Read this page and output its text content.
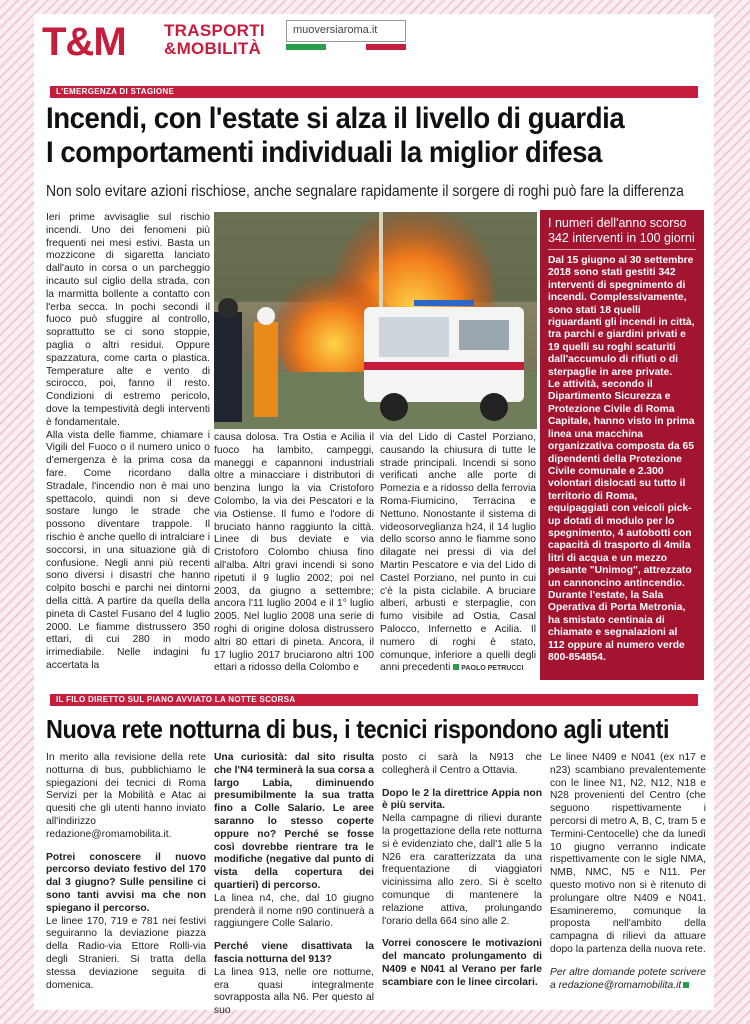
T&M TRASPORTI
&MOBILITÀ
muoversiaroma.it
L'EMERGENZA DI STAGIONE
Incendi, con l'estate si alza il livello di guardia
I comportamenti individuali la miglior difesa
Non solo evitare azioni rischiose, anche segnalare rapidamente il sorgere di roghi può fare la differenza

Ieri prime avvisaglie sul rischio incendi. Uno dei fenomeni più frequenti nei mesi estivi. Basta un mozzicone di sigaretta lanciato dall'auto in corsa o un parcheggio incauto sul ciglio della strada, con la marmitta bollente a contatto con l'erba secca. In pochi secondi il fuoco può sfuggire al controllo, soprattutto se ci sono stoppie, paglia o altri residui. Oppure spazzatura, come carta o plastica. Temperature alte e vento di scirocco, poi, fanno il resto. Condizioni di estremo pericolo, dove la tempestività degli interventi è fondamentale.

Alla vista delle fiamme, chiamare i Vigili del Fuoco o il numero unico o d'emergenza è la prima cosa da fare. Come ricordano dalla Stradale, l'incendio non è mai uno spettacolo, quindi non si deve sostare lungo le strade che possono diventare trappole. Il rischio è anche quello di intralciare i soccorsi, in una situazione già di confusione. Negli anni più recenti sono diversi i disastri che hanno colpito boschi e parchi nei dintorni della città. A partire da quella della pineta di Castel Fusano del 4 luglio 2000. Le fiamme distrussero 350 ettari, di cui 280 in modo irrimediabile. Nelle indagini fu accertata la

causa dolosa. Tra Ostia e Acilia il fuoco ha lambito, campeggi, maneggi e capannoni industriali oltre a minacciare i distributori di benzina lungo la via Cristoforo Colombo, la via dei Pescatori e la via Ostiense. Il fumo e l'odore di bruciato hanno raggiunto la città. Linee di bus deviate e via Cristoforo Colombo chiusa fino all'alba. Altri gravi incendi si sono ripetuti il 9 luglio 2002; poi nel 2003, da giugno a settembre; ancora l'11 luglio 2004 e il 1° luglio 2005. Nel luglio 2008 una serie di roghi di origine dolosa distrussero altri 80 ettari di pineta. Ancora, il 17 luglio 2017 bruciarono altri 100 ettari a ridosso della Colombo e

via del Lido di Castel Porziano, causando la chiusura di tutte le strade principali. Incendi si sono verificati anche alle porte di Pomezia e a ridosso della ferrovia Roma-Fiumicino, Terracina e Nettuno. Nonostante il sistema di videosorveglianza h24, il 14 luglio dello scorso anno le fiamme sono dilagate nei pressi di via del Martin Pescatore e via del Lido di Castel Porziano, nel punto in cui c'è la pista ciclabile. A bruciare alberi, arbusti e sterpaglie, con fumo visibile ad Ostia, Casal Palocco, Infernetto e Acilia. Il numero di roghi è stato, comunque, inferiore a quelli degli anni precedenti PAOLO PETRUCCI

I numeri dell'anno scorso
342 interventi in 100 giorni

Dal 15 giugno al 30 settembre 2018 sono stati gestiti 342 interventi di spegnimento di incendi. Complessivamente, sono stati 18 quelli riguardanti gli incendi in città, tra parchi e giardini privati e 19 quelli su roghi scaturiti dall'accumulo di rifiuti o di sterpaglie in aree private.

Le attività, secondo il Dipartimento Sicurezza e Protezione Civile di Roma Capitale, hanno visto in prima linea una macchina organizzativa composta da 65 dipendenti della Protezione Civile comunale e 2.300 volontari dislocati su tutto il territorio di Roma, equipaggiati con veicoli pick-up dotati di modulo per lo spegnimento, 4 autobotti con capacità di trasporto di 4mila litri di acqua e un mezzo pesante "Unimog", attrezzato un cannoncino antincendio. Durante l'estate, la Sala Operativa di Porta Metronia, ha smistato centinaia di chiamate e segnalazioni al 112 oppure al numero verde 800-854854.

IL FILO DIRETTO SUL PIANO AVVIATO LA NOTTE SCORSA
Nuova rete notturna di bus, i tecnici rispondono agli utenti

In merito alla revisione della rete notturna di bus, pubblichiamo le spiegazioni dei tecnici di Roma Servizi per la Mobilità e Atac ai quesiti che gli utenti hanno inviato all'indirizzo redazione@romamobilita.it.

Potrei conoscere il nuovo percorso deviato festivo del 170 dal 3 giugno? Sulle pensiline ci sono tanti avvisi ma che non spiegano il percorso.

Le linee 170, 719 e 781 nei festivi seguiranno la deviazione piazza della Radio-via Ettore Rolli-via degli Stranieri. Si tratta della stessa deviazione seguita di domenica.

Una curiosità: dal sito risulta che l'N4 terminerà la sua corsa a largo Labia, diminuendo presumibilmente la sua tratta fino a Colle Salario. Le aree saranno lo stesso coperte oppure no? Perché se fosse così dovrebbe rientrare tra le modifiche (negative dal punto di vista della copertura dei quartieri) di percorso.

La linea n4, che, dal 10 giugno prenderà il nome n90 continuerà a raggiungere Colle Salario.

Perché viene disattivata la fascia notturna del 913?

La linea 913, nelle ore notturne, era quasi integralmente sovrapposta alla N6. Per questo al suo

posto ci sarà la N913 che collegherà il Centro a Ottavia.

Dopo le 2 la direttrice Appia non è più servita.

Nella campagne di rilievi durante la progettazione della rete notturna si è evidenziato che, dall'1 alle 5 la N26 era caratterizzata da una frequentazione di viaggiatori vicinissima allo zero. Si è scelto comunque di mantenere la relazione attiva, prolungando l'orario della 664 sino alle 2.

Vorrei conoscere le motivazioni del mancato prolungamento di N409 e N041 al Verano per farle scambiare con le linee circolari.

Le linee N409 e N041 (ex n17 e n23) scambiano prevalentemente con le linee N1, N2, N12, N18 e N28 provenienti del Centro (che seguono rispettivamente i percorsi di metro A, B, C, tram 5 e Termini-Centocelle) che da lunedì 10 giugno verranno indicate rispettivamente con le sigle NMA, NMB, NMC, N5 e N11. Per questo motivo non si è ritenuto di prolungare oltre N409 e N041. Esamineremo, comunque la proposta nell'ambito della campagna di rilievi da attuare dopo la partenza della nuova rete.

Per altre domande potete scrivere a redazione@romamobilita.it
